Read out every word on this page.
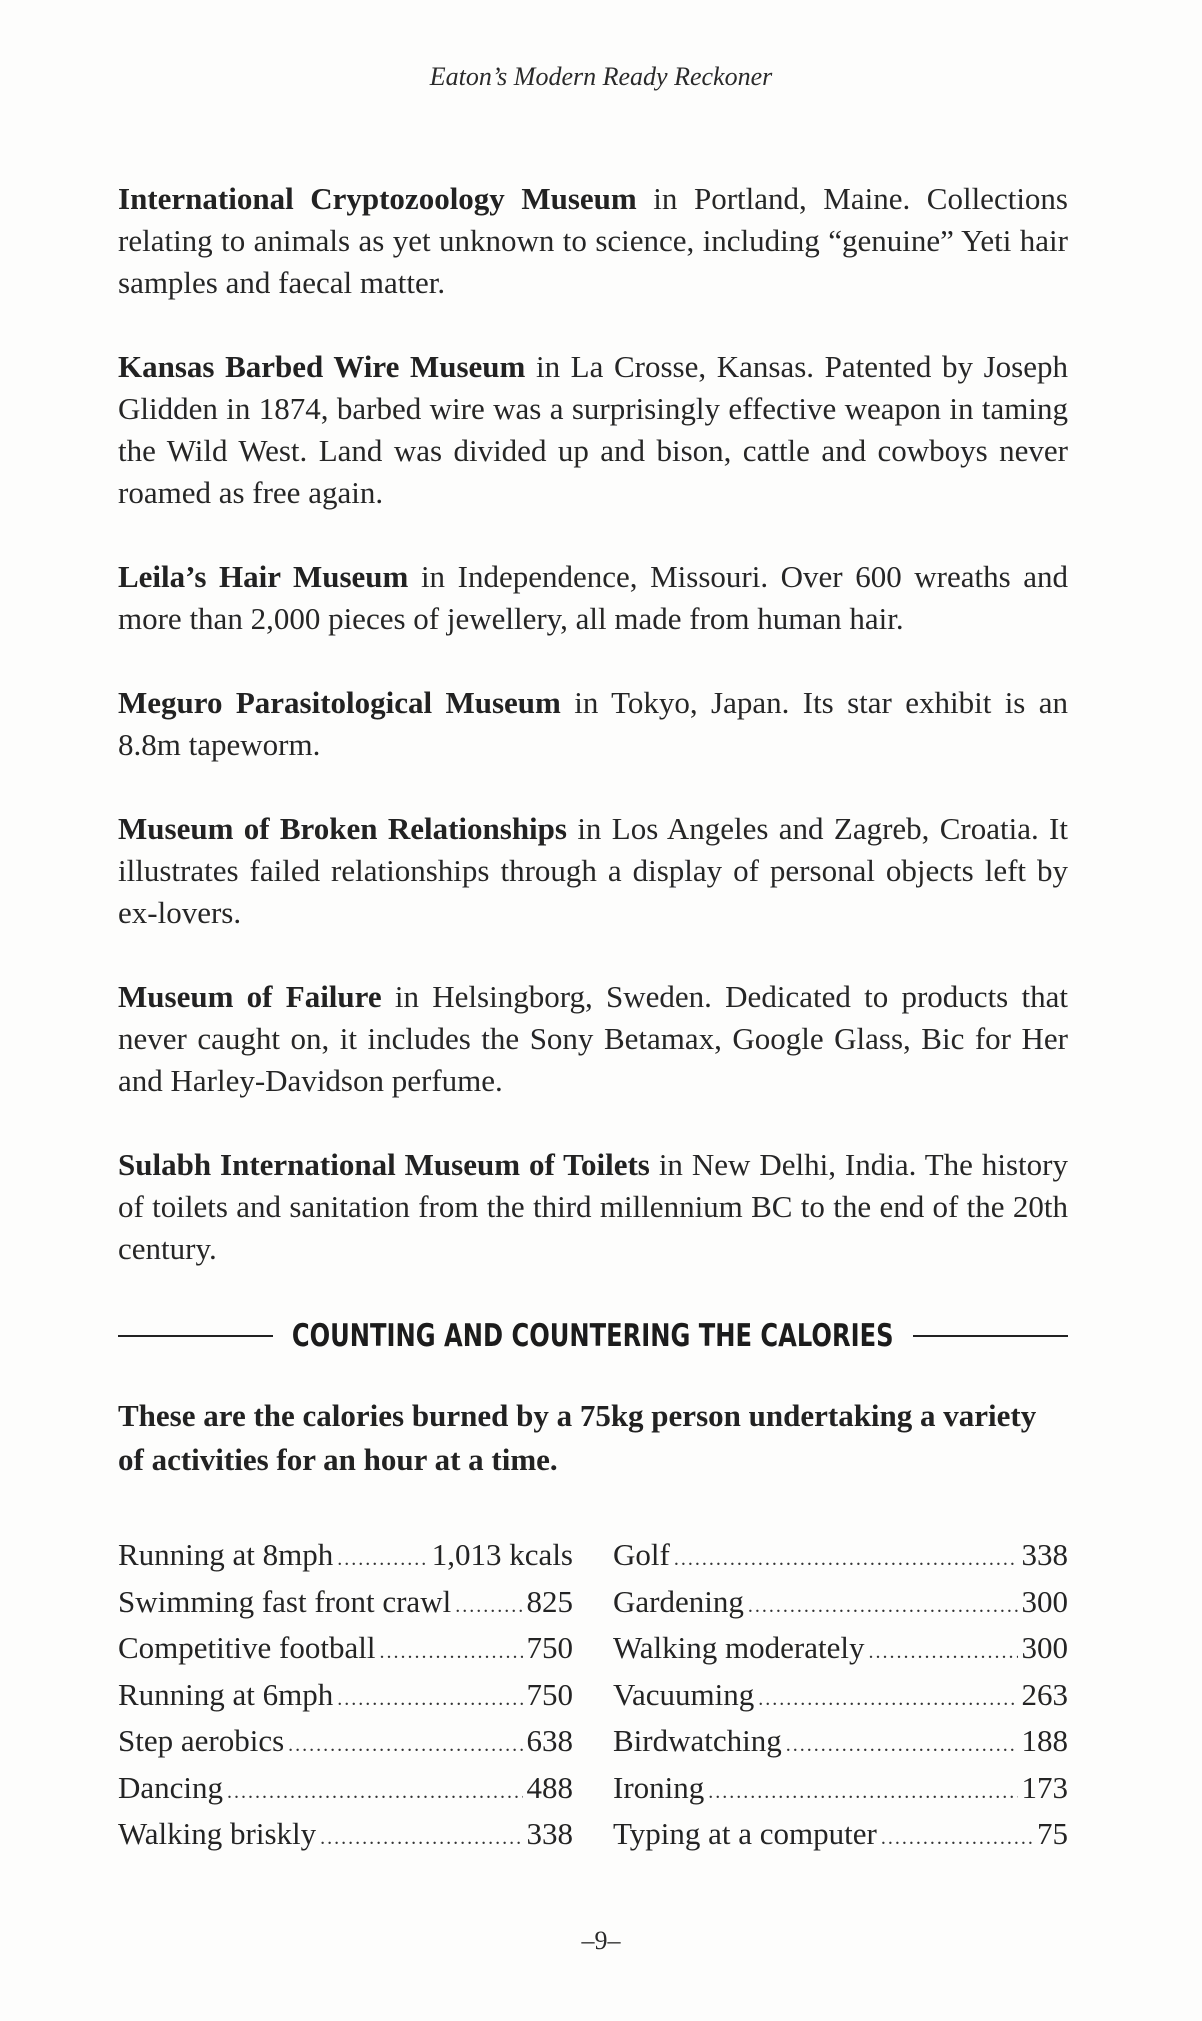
Eaton’s Modern Ready Reckoner

International Cryptozoology Museum in Portland, Maine. Collections relating to animals as yet unknown to science, including “genuine” Yeti hair samples and faecal matter.

Kansas Barbed Wire Museum in La Crosse, Kansas. Patented by Joseph Glidden in 1874, barbed wire was a surprisingly effective weapon in taming the Wild West. Land was divided up and bison, cattle and cowboys never roamed as free again.

Leila’s Hair Museum in Independence, Missouri. Over 600 wreaths and more than 2,000 pieces of jewellery, all made from human hair.

Meguro Parasitological Museum in Tokyo, Japan. Its star exhibit is an 8.8m tapeworm.

Museum of Broken Relationships in Los Angeles and Zagreb, Croatia. It illustrates failed relationships through a display of personal objects left by ex-lovers.

Museum of Failure in Helsingborg, Sweden. Dedicated to products that never caught on, it includes the Sony Betamax, Google Glass, Bic for Her and Harley-Davidson perfume.

Sulabh International Museum of Toilets in New Delhi, India. The history of toilets and sanitation from the third millennium BC to the end of the 20th century.

COUNTING AND COUNTERING THE CALORIES

These are the calories burned by a 75kg person undertaking a variety of activities for an hour at a time.

Running at 8mph .....	1,013 kcals
Swimming fast front crawl ..... 825
Competitive football .....	750
Running at 6mph .....	750
Step aerobics .....	638
Dancing .....	488
Walking briskly .....	338
Golf .....	338
Gardening .....	300
Walking moderately .....	300
Vacuuming .....	263
Birdwatching .....	188
Ironing .....	173
Typing at a computer .....	75
–9–
